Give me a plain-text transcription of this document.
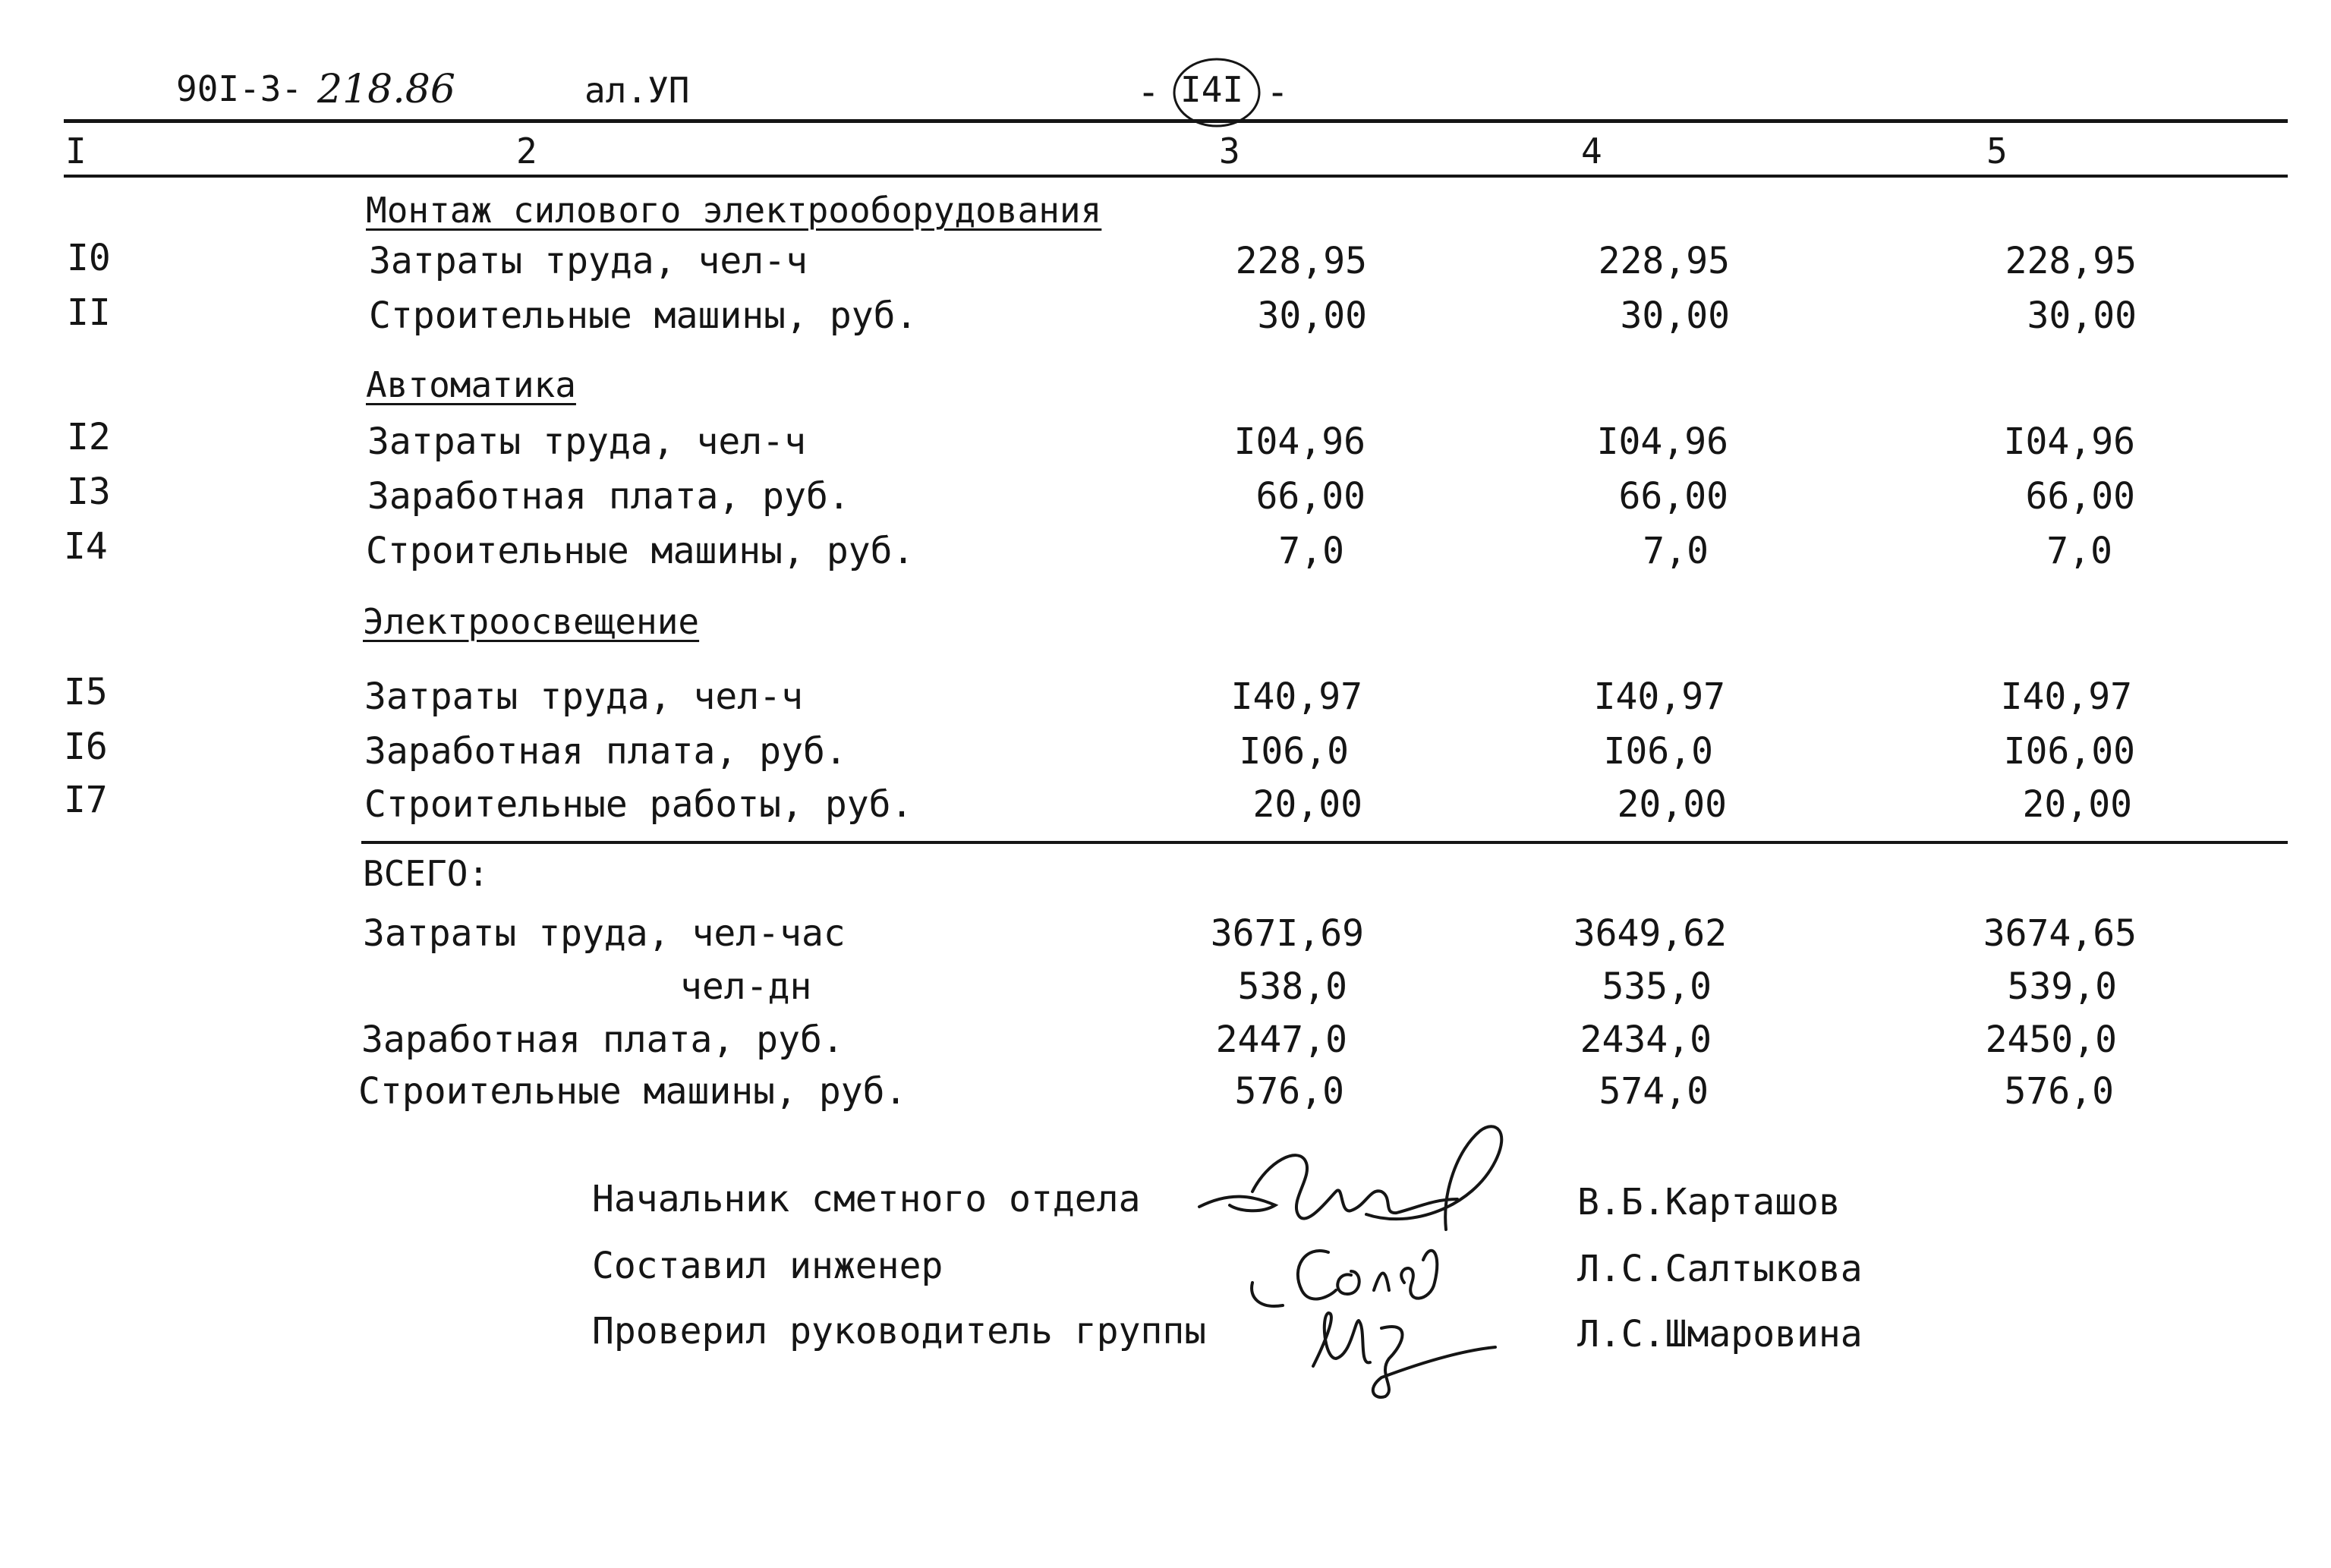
90I-3- 218.86	ал.УП	- I4I -
I	2	3	4	5
Монтаж силового электрооборудования
I0	Затраты труда, чел-ч	228,95	228,95	228,95
II	Строительные машины, руб.	30,00	30,00	30,00
Автоматика
I2	Затраты труда, чел-ч	I04,96	I04,96	I04,96
I3	Заработная плата, руб.	66,00	66,00	66,00
I4	Строительные машины, руб.	7,0	7,0	7,0
Электроосвещение
I5	Затраты труда, чел-ч	I40,97	I40,97	I40,97
I6	Заработная плата, руб.	I06,0	I06,0	I06,00
I7	Строительные работы, руб.	20,00	20,00	20,00
ВСЕГО:
Затраты труда, чел-час	367I,69	3649,62	3674,65
чел-дн	538,0	535,0	539,0
Заработная плата, руб.	2447,0	2434,0	2450,0
Строительные машины, руб.	576,0	574,0	576,0
Начальник сметного отдела
Составил инженер
Проверил руководитель группы
В.Б.Карташов
Л.С.Салтыкова
Л.С.Шмаровина
